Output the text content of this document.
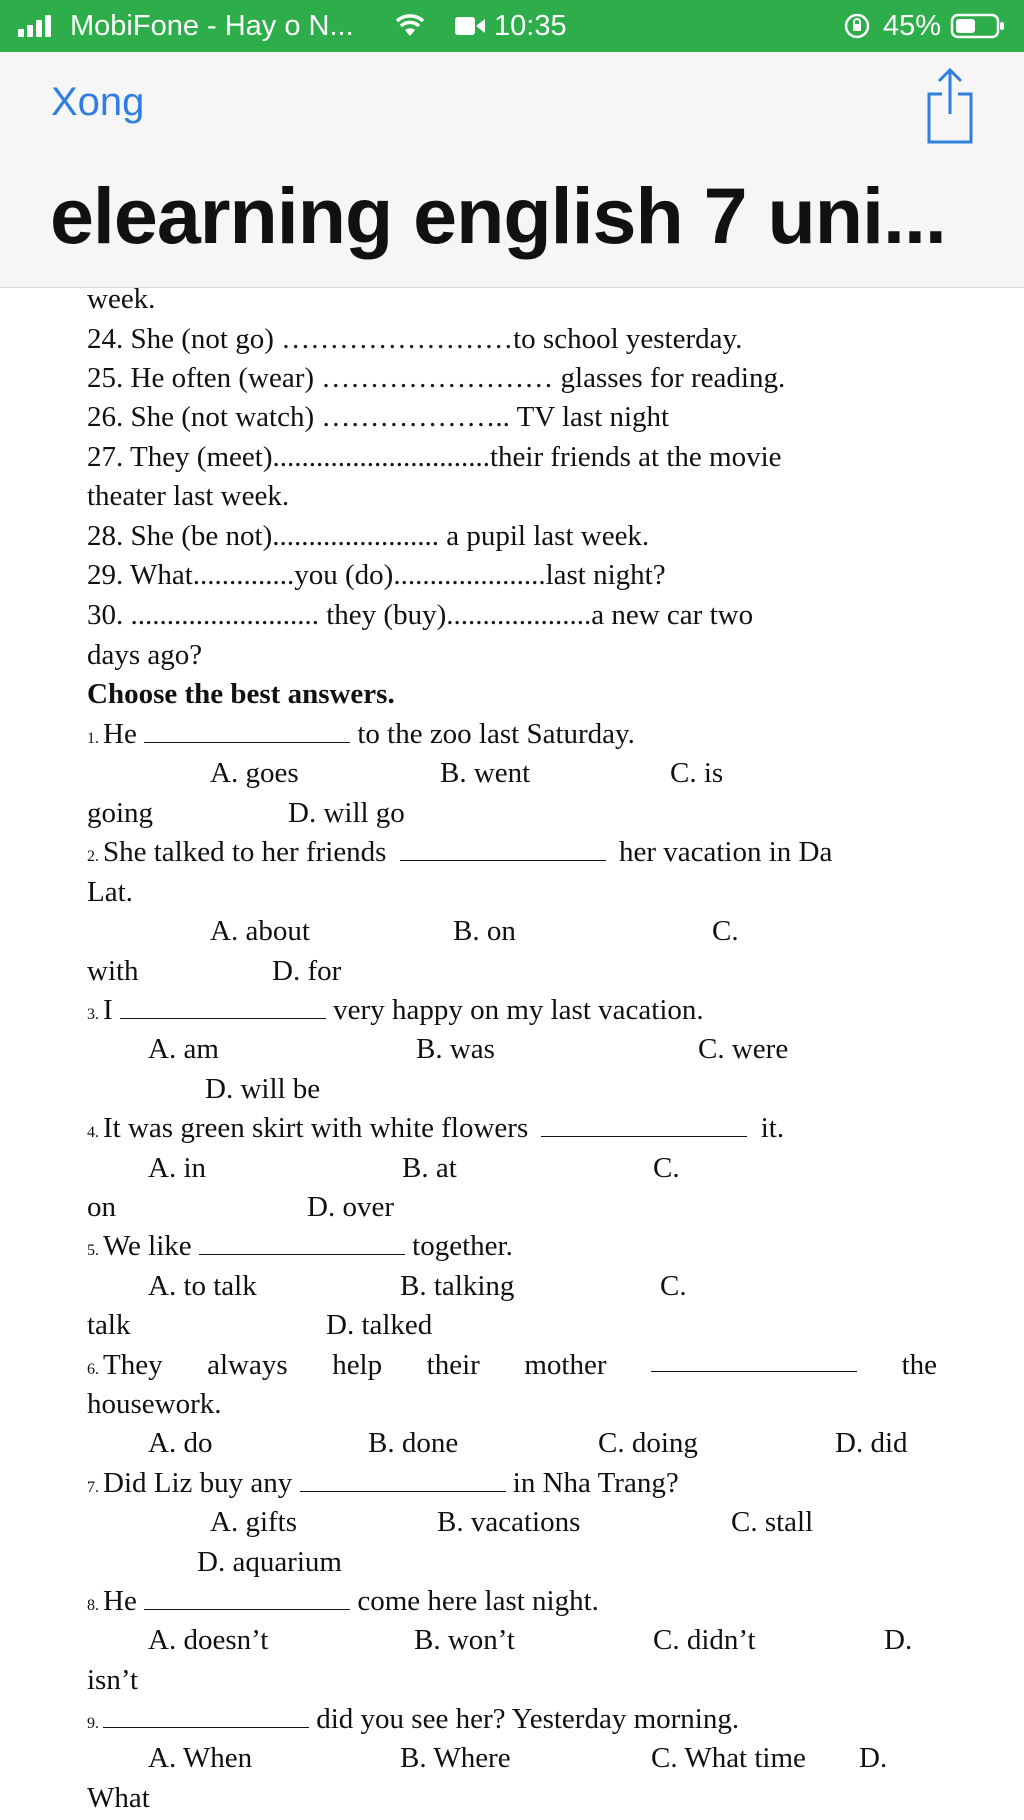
MobiFone - Hay o N...	10:35	45%
Xong
elearning english 7 uni...
week.
24. She (not go) ……………………to school yesterday.
25. He often (wear) …………………… glasses for reading.
26. She (not watch) ……………….. TV last night
27. They (meet)..............................their friends at the movie
theater last week.
28. She (be not)....................... a pupil last week.
29. What..............you (do).....................last night?
30. .......................... they (buy)....................a new car two
days ago?
Choose the best answers.
1. He	to the zoo last Saturday.
A. goes	B. went	C. is
going	D. will go
2. She talked to her friends	her vacation in Da
Lat.
A. about	B. on	C.
with	D. for
3. I	very happy on my last vacation.
A. am	B. was	C. were
D. will be
4. It was green skirt with white flowers	it.
A. in	B. at	C.
on	D. over
5. We like	together.
A. to talk	B. talking	C.
talk	D. talked
6. They always help their mother	the
housework.
A. do	B. done	C. doing	D. did
7. Did Liz buy any	in Nha Trang?
A. gifts	B. vacations	C. stall
D. aquarium
8. He	come here last night.
A. doesn’t	B. won’t	C. didn’t	D.
isn’t
9.	did you see her? Yesterday morning.
A. When	B. Where	C. What time D.
What
